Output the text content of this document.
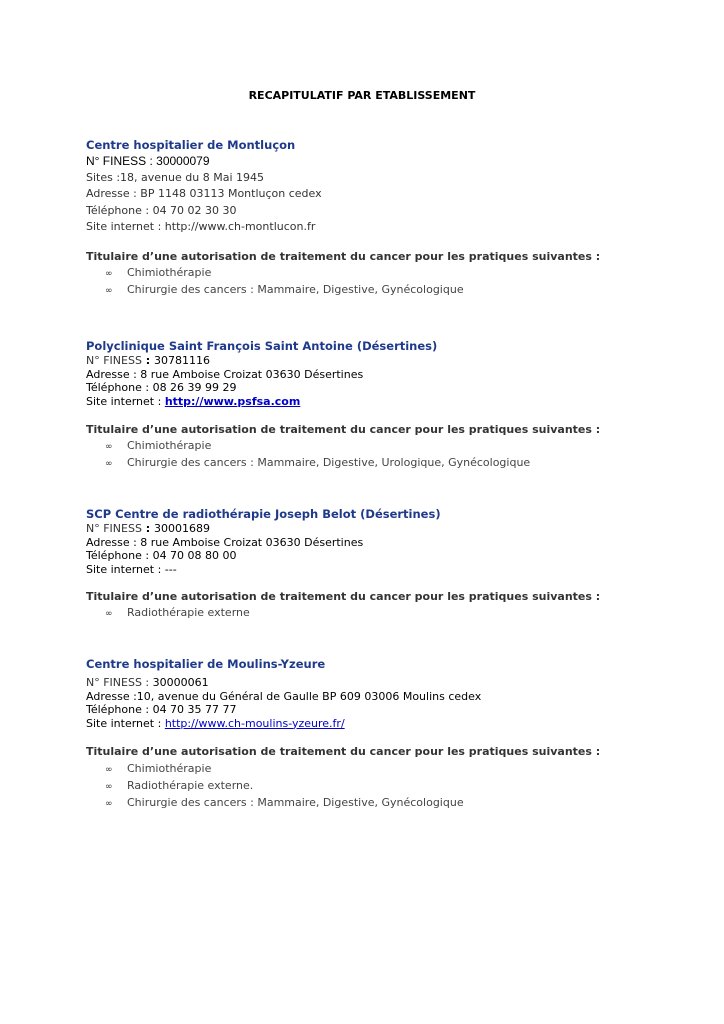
RECAPITULATIF PAR ETABLISSEMENT
Centre hospitalier de Montluçon
N° FINESS : 30000079
Sites :18, avenue du 8 Mai 1945
Adresse : BP 1148 03113 Montluçon cedex
Téléphone : 04 70 02 30 30
Site internet : http://www.ch-montlucon.fr
Titulaire d’une autorisation de traitement du cancer pour les pratiques suivantes :
∞ Chimiothérapie
∞ Chirurgie des cancers : Mammaire, Digestive, Gynécologique
Polyclinique Saint François Saint Antoine (Désertines)
N° FINESS : 30781116
Adresse : 8 rue Amboise Croizat 03630 Désertines
Téléphone : 08 26 39 99 29
Site internet : http://www.psfsa.com
Titulaire d’une autorisation de traitement du cancer pour les pratiques suivantes :
∞ Chimiothérapie
∞ Chirurgie des cancers : Mammaire, Digestive, Urologique, Gynécologique
SCP Centre de radiothérapie Joseph Belot (Désertines)
N° FINESS : 30001689
Adresse : 8 rue Amboise Croizat 03630 Désertines
Téléphone : 04 70 08 80 00
Site internet : ---
Titulaire d’une autorisation de traitement du cancer pour les pratiques suivantes :
∞ Radiothérapie externe
Centre hospitalier de Moulins-Yzeure
N° FINESS : 30000061
Adresse :10, avenue du Général de Gaulle BP 609 03006 Moulins cedex
Téléphone : 04 70 35 77 77
Site internet : http://www.ch-moulins-yzeure.fr/
Titulaire d’une autorisation de traitement du cancer pour les pratiques suivantes :
∞ Chimiothérapie
∞ Radiothérapie externe.
∞ Chirurgie des cancers : Mammaire, Digestive, Gynécologique
